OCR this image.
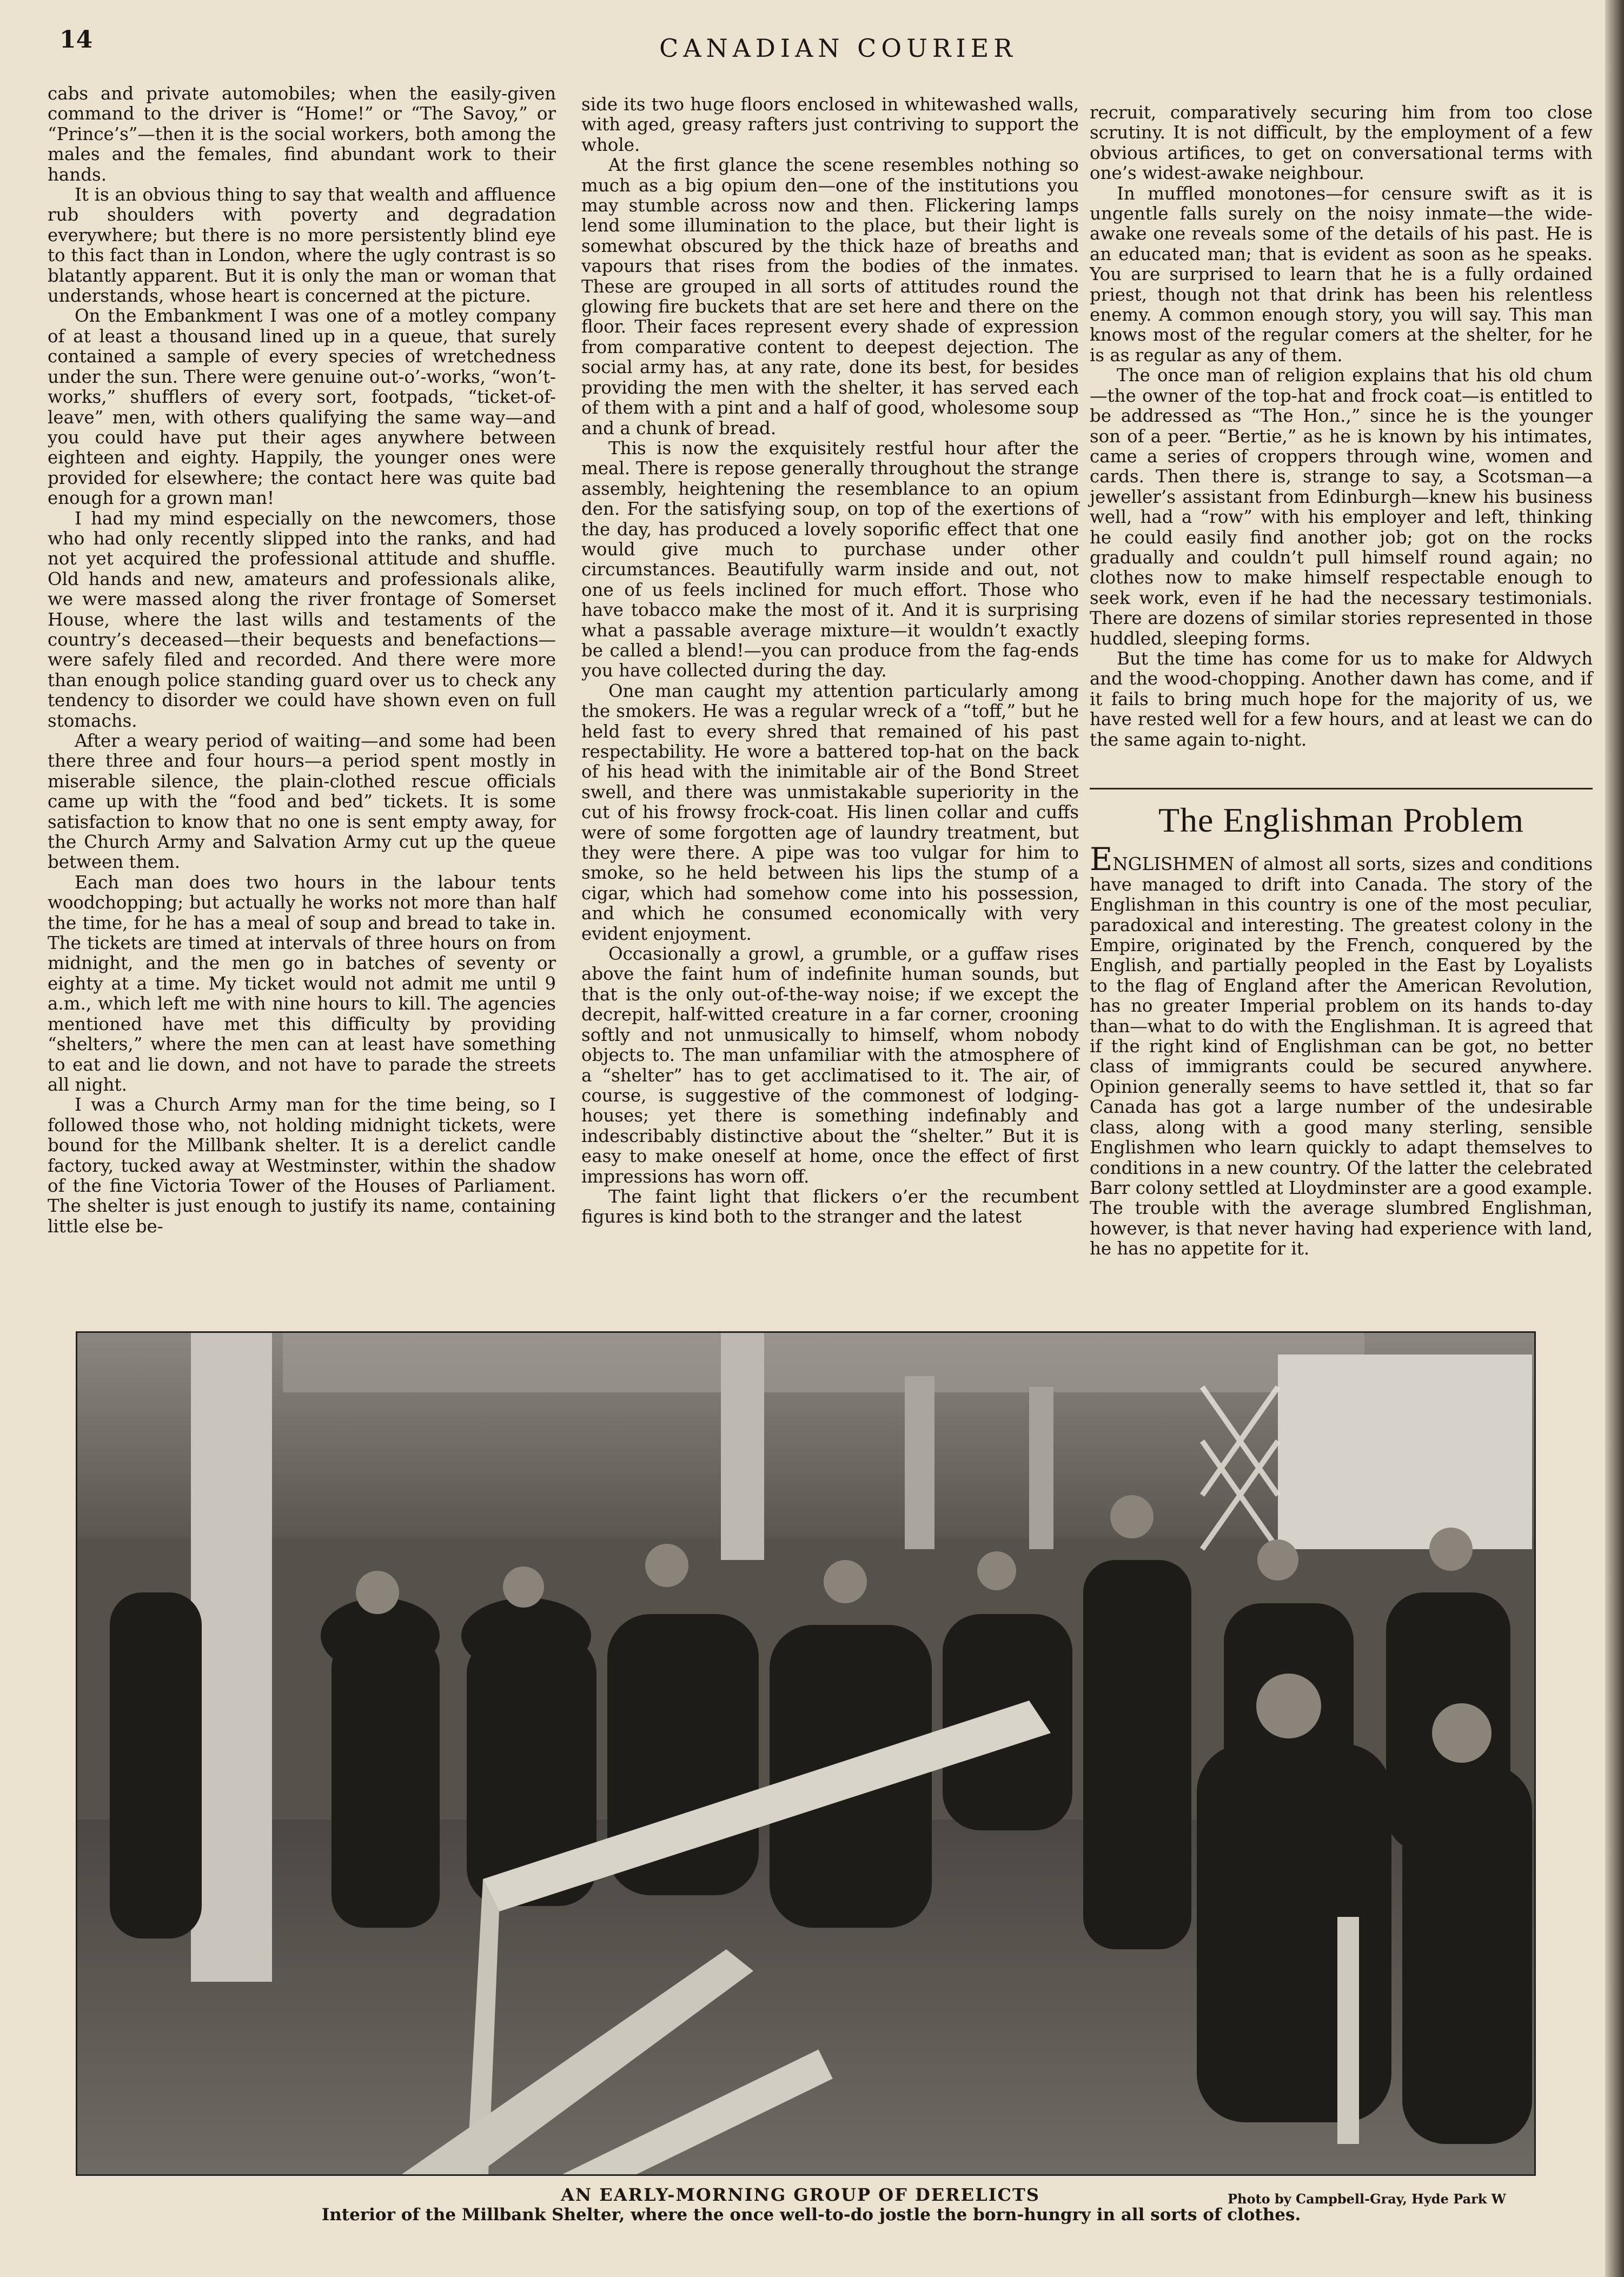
14	CANADIAN COURIER

cabs and private automobiles; when the easily-given command to the driver is “Home!” or “The Savoy,” or “Prince’s”—then it is the social workers, both among the males and the females, find abundant work to their hands.

It is an obvious thing to say that wealth and affluence rub shoulders with poverty and degradation everywhere; but there is no more persistently blind eye to this fact than in London, where the ugly contrast is so blatantly apparent. But it is only the man or woman that understands, whose heart is concerned at the picture.

On the Embankment I was one of a motley company of at least a thousand lined up in a queue, that surely contained a sample of every species of wretchedness under the sun. There were genuine out-o’-works, “won’t-works,” shufflers of every sort, footpads, “ticket-of-leave” men, with others qualifying the same way—and you could have put their ages anywhere between eighteen and eighty. Happily, the younger ones were provided for elsewhere; the contact here was quite bad enough for a grown man!

I had my mind especially on the newcomers, those who had only recently slipped into the ranks, and had not yet acquired the professional attitude and shuffle. Old hands and new, amateurs and professionals alike, we were massed along the river frontage of Somerset House, where the last wills and testaments of the country’s deceased—their bequests and benefactions—were safely filed and recorded. And there were more than enough police standing guard over us to check any tendency to disorder we could have shown even on full stomachs.

After a weary period of waiting—and some had been there three and four hours—a period spent mostly in miserable silence, the plain-clothed rescue officials came up with the “food and bed” tickets. It is some satisfaction to know that no one is sent empty away, for the Church Army and Salvation Army cut up the queue between them.

Each man does two hours in the labour tents woodchopping; but actually he works not more than half the time, for he has a meal of soup and bread to take in. The tickets are timed at intervals of three hours on from midnight, and the men go in batches of seventy or eighty at a time. My ticket would not admit me until 9 a.m., which left me with nine hours to kill. The agencies mentioned have met this difficulty by providing “shelters,” where the men can at least have something to eat and lie down, and not have to parade the streets all night.

I was a Church Army man for the time being, so I followed those who, not holding midnight tickets, were bound for the Millbank shelter. It is a derelict candle factory, tucked away at Westminster, within the shadow of the fine Victoria Tower of the Houses of Parliament. The shelter is just enough to justify its name, containing little else be-

side its two huge floors enclosed in whitewashed walls, with aged, greasy rafters just contriving to support the whole.

At the first glance the scene resembles nothing so much as a big opium den—one of the institutions you may stumble across now and then. Flickering lamps lend some illumination to the place, but their light is somewhat obscured by the thick haze of breaths and vapours that rises from the bodies of the inmates. These are grouped in all sorts of attitudes round the glowing fire buckets that are set here and there on the floor. Their faces represent every shade of expression from comparative content to deepest dejection. The social army has, at any rate, done its best, for besides providing the men with the shelter, it has served each of them with a pint and a half of good, wholesome soup and a chunk of bread.

This is now the exquisitely restful hour after the meal. There is repose generally throughout the strange assembly, heightening the resemblance to an opium den. For the satisfying soup, on top of the exertions of the day, has produced a lovely soporific effect that one would give much to purchase under other circumstances. Beautifully warm inside and out, not one of us feels inclined for much effort. Those who have tobacco make the most of it. And it is surprising what a passable average mixture—it wouldn’t exactly be called a blend!—you can produce from the fag-ends you have collected during the day.

One man caught my attention particularly among the smokers. He was a regular wreck of a “toff,” but he held fast to every shred that remained of his past respectability. He wore a battered top-hat on the back of his head with the inimitable air of the Bond Street swell, and there was unmistakable superiority in the cut of his frowsy frock-coat. His linen collar and cuffs were of some forgotten age of laundry treatment, but they were there. A pipe was too vulgar for him to smoke, so he held between his lips the stump of a cigar, which had somehow come into his possession, and which he consumed economically with very evident enjoyment.

Occasionally a growl, a grumble, or a guffaw rises above the faint hum of indefinite human sounds, but that is the only out-of-the-way noise; if we except the decrepit, half-witted creature in a far corner, crooning softly and not unmusically to himself, whom nobody objects to. The man unfamiliar with the atmosphere of a “shelter” has to get acclimatised to it. The air, of course, is suggestive of the commonest of lodging-houses; yet there is something indefinably and indescribably distinctive about the “shelter.” But it is easy to make oneself at home, once the effect of first impressions has worn off.

The faint light that flickers o’er the recumbent figures is kind both to the stranger and the latest

recruit, comparatively securing him from too close scrutiny. It is not difficult, by the employment of a few obvious artifices, to get on conversational terms with one’s widest-awake neighbour.

In muffled monotones—for censure swift as it is ungentle falls surely on the noisy inmate—the wide-awake one reveals some of the details of his past. He is an educated man; that is evident as soon as he speaks. You are surprised to learn that he is a fully ordained priest, though not that drink has been his relentless enemy. A common enough story, you will say. This man knows most of the regular comers at the shelter, for he is as regular as any of them.

The once man of religion explains that his old chum—the owner of the top-hat and frock coat—is entitled to be addressed as “The Hon.,” since he is the younger son of a peer. “Bertie,” as he is known by his intimates, came a series of croppers through wine, women and cards. Then there is, strange to say, a Scotsman—a jeweller’s assistant from Edinburgh—knew his business well, had a “row” with his employer and left, thinking he could easily find another job; got on the rocks gradually and couldn’t pull himself round again; no clothes now to make himself respectable enough to seek work, even if he had the necessary testimonials. There are dozens of similar stories represented in those huddled, sleeping forms.

But the time has come for us to make for Aldwych and the wood-chopping. Another dawn has come, and if it fails to bring much hope for the majority of us, we have rested well for a few hours, and at least we can do the same again to-night.

The Englishman Problem

ENGLISHMEN of almost all sorts, sizes and conditions have managed to drift into Canada. The story of the Englishman in this country is one of the most peculiar, paradoxical and interesting. The greatest colony in the Empire, originated by the French, conquered by the English, and partially peopled in the East by Loyalists to the flag of England after the American Revolution, has no greater Imperial problem on its hands to-day than—what to do with the Englishman. It is agreed that if the right kind of Englishman can be got, no better class of immigrants could be secured anywhere. Opinion generally seems to have settled it, that so far Canada has got a large number of the undesirable class, along with a good many sterling, sensible Englishmen who learn quickly to adapt themselves to conditions in a new country. Of the latter the celebrated Barr colony settled at Lloydminster are a good example. The trouble with the average slumbred Englishman, however, is that never having had experience with land, he has no appetite for it.

AN EARLY-MORNING GROUP OF DERELICTS	Photo by Campbell-Gray, Hyde Park W
Interior of the Millbank Shelter, where the once well-to-do jostle the born-hungry in all sorts of clothes.
